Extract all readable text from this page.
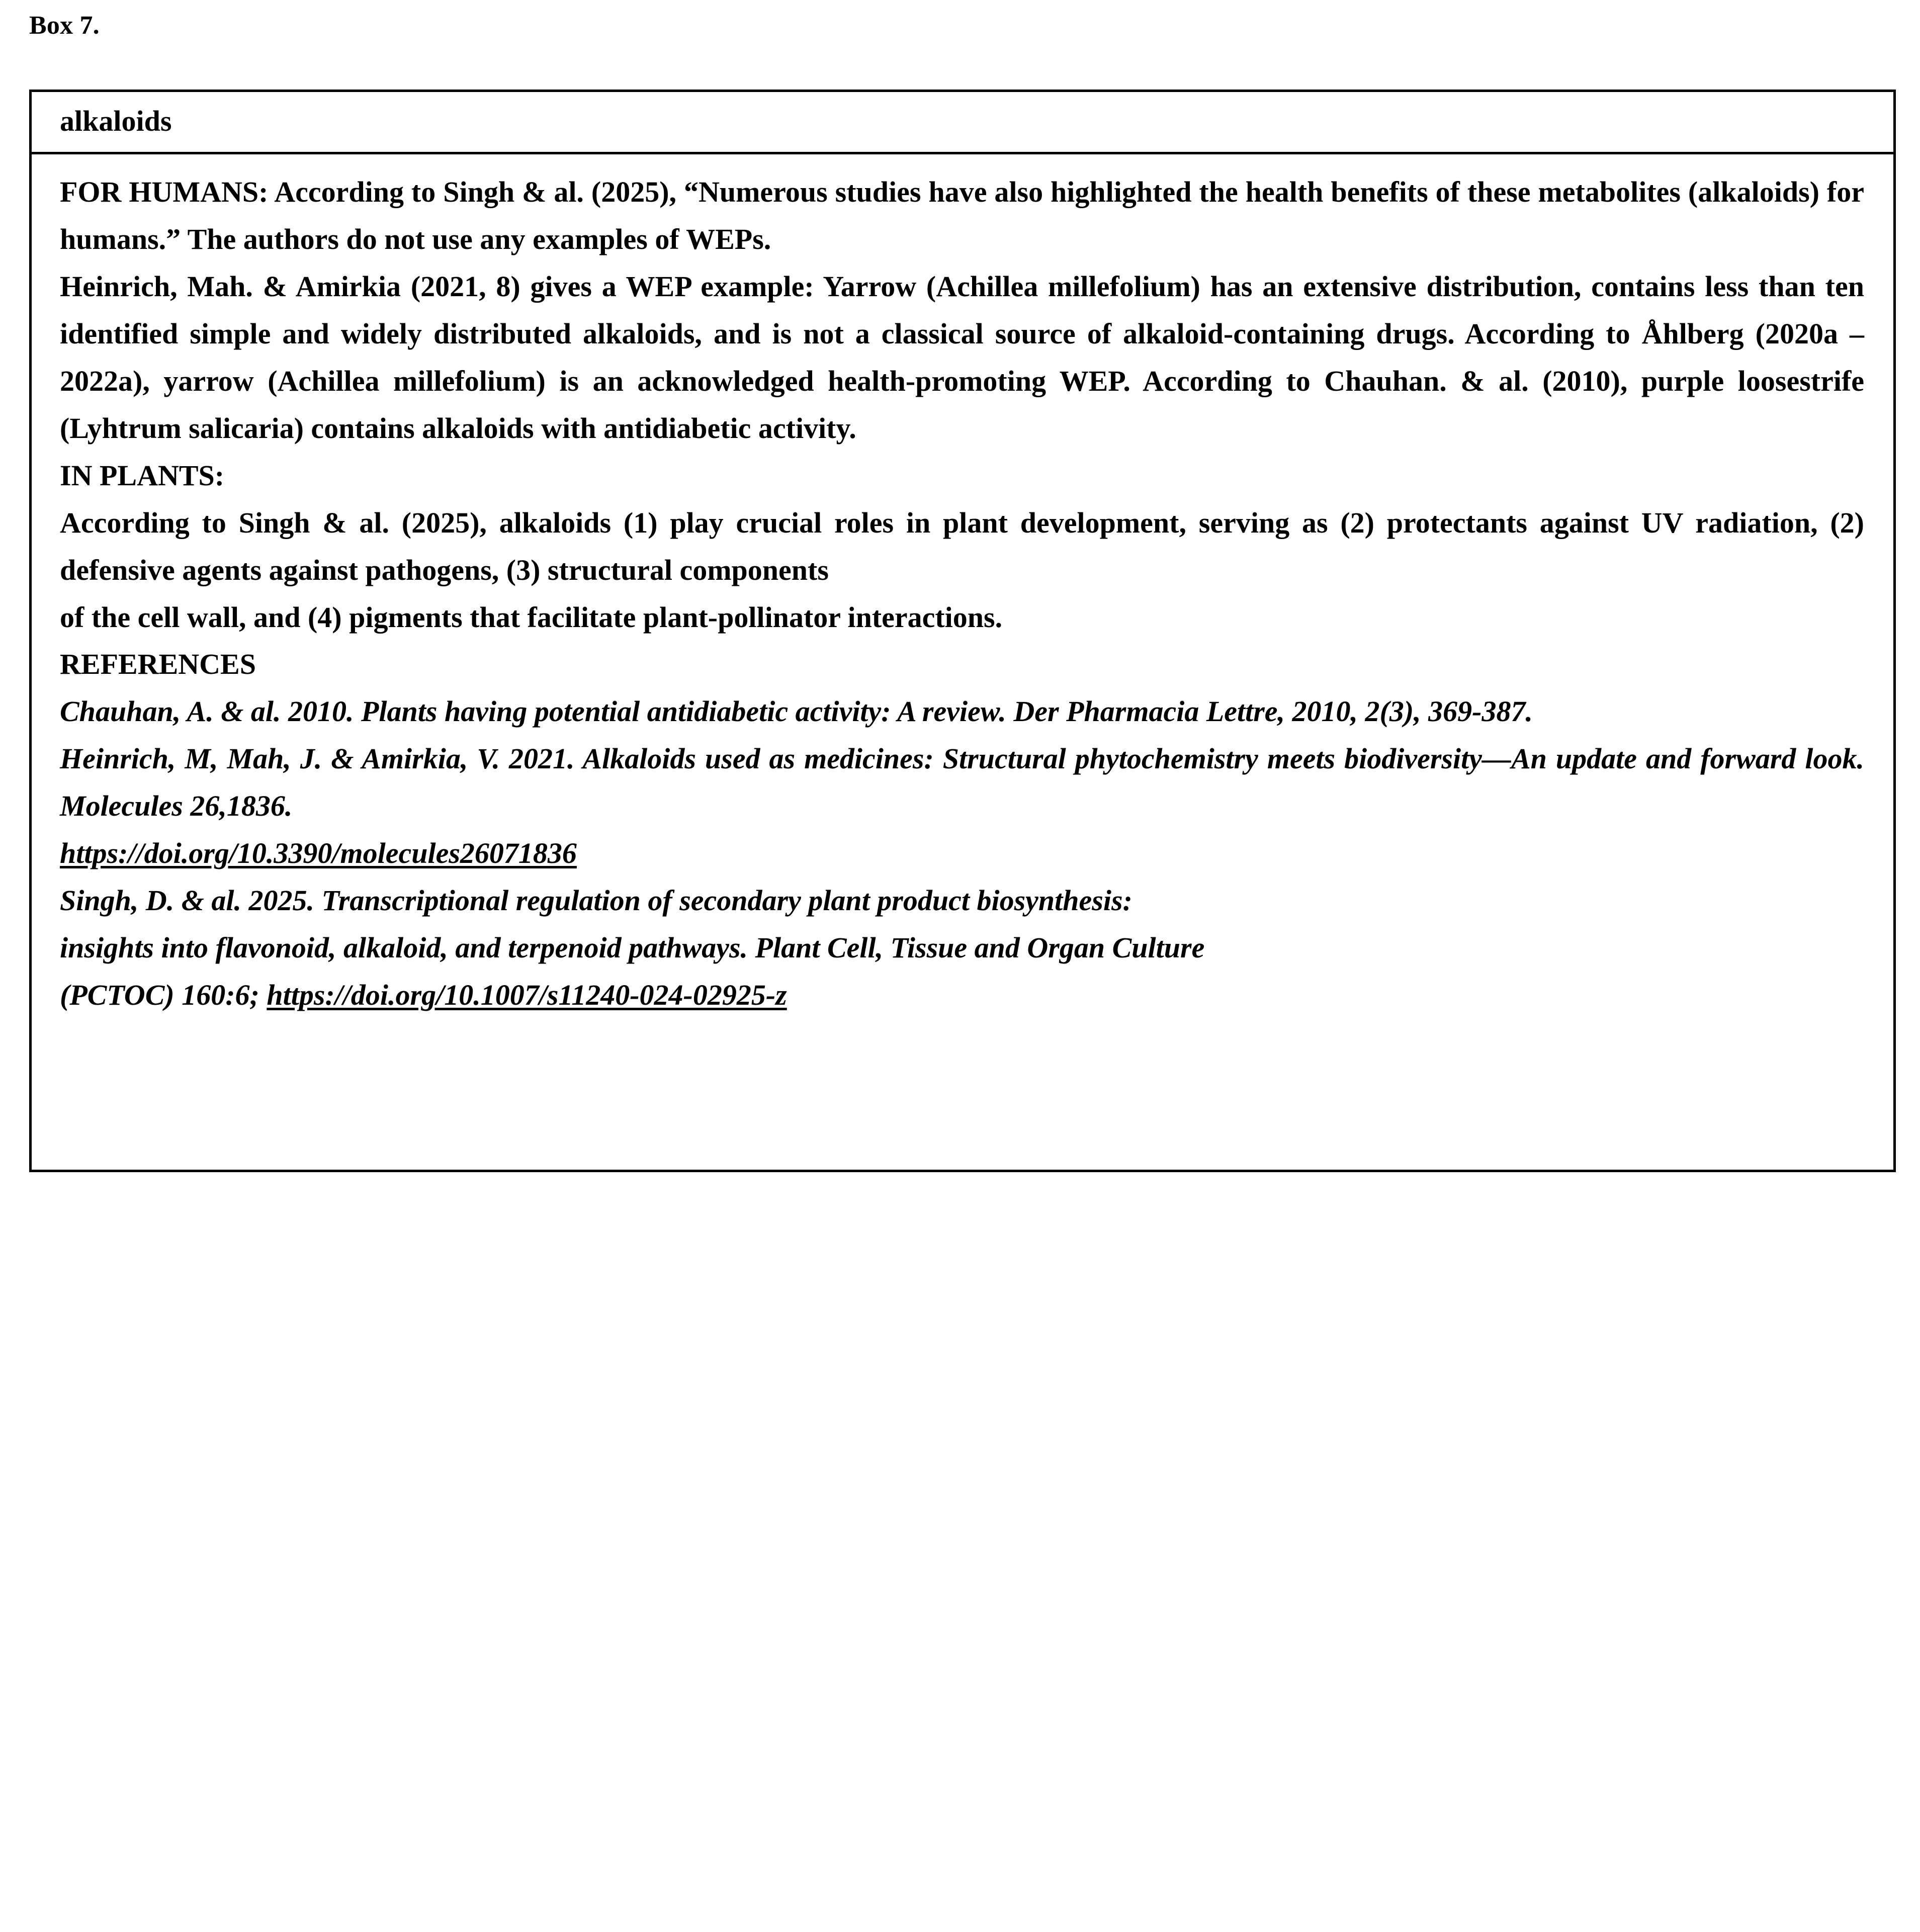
Box 7.
alkaloids

FOR HUMANS: According to Singh & al. (2025), “Numerous studies have also highlighted the health benefits of these metabolites (alkaloids) for humans.” The authors do not use any examples of WEPs.

Heinrich, Mah. & Amirkia (2021, 8) gives a WEP example: Yarrow (Achillea millefolium) has an extensive distribution, contains less than ten identified simple and widely distributed alkaloids, and is not a classical source of alkaloid-containing drugs. According to Åhlberg (2020a – 2022a), yarrow (Achillea millefolium) is an acknowledged health-promoting WEP. According to Chauhan. & al. (2010), purple loosestrife (Lyhtrum salicaria) contains alkaloids with antidiabetic activity.

IN PLANTS:

According to Singh & al. (2025), alkaloids (1) play crucial roles in plant development, serving as (2) protectants against UV radiation, (2) defensive agents against pathogens, (3) structural components

of the cell wall, and (4) pigments that facilitate plant-pollinator interactions.

REFERENCES

Chauhan, A. & al. 2010. Plants having potential antidiabetic activity: A review. Der Pharmacia Lettre, 2010, 2(3), 369-387.

Heinrich, M, Mah, J. & Amirkia, V. 2021. Alkaloids used as medicines: Structural phytochemistry meets biodiversity—An update and forward look. Molecules 26,1836.

https://doi.org/10.3390/molecules26071836

Singh, D. & al. 2025. Transcriptional regulation of secondary plant product biosynthesis:

insights into flavonoid, alkaloid, and terpenoid pathways. Plant Cell, Tissue and Organ Culture

(PCTOC) 160:6; https://doi.org/10.1007/s11240-024-02925-z
